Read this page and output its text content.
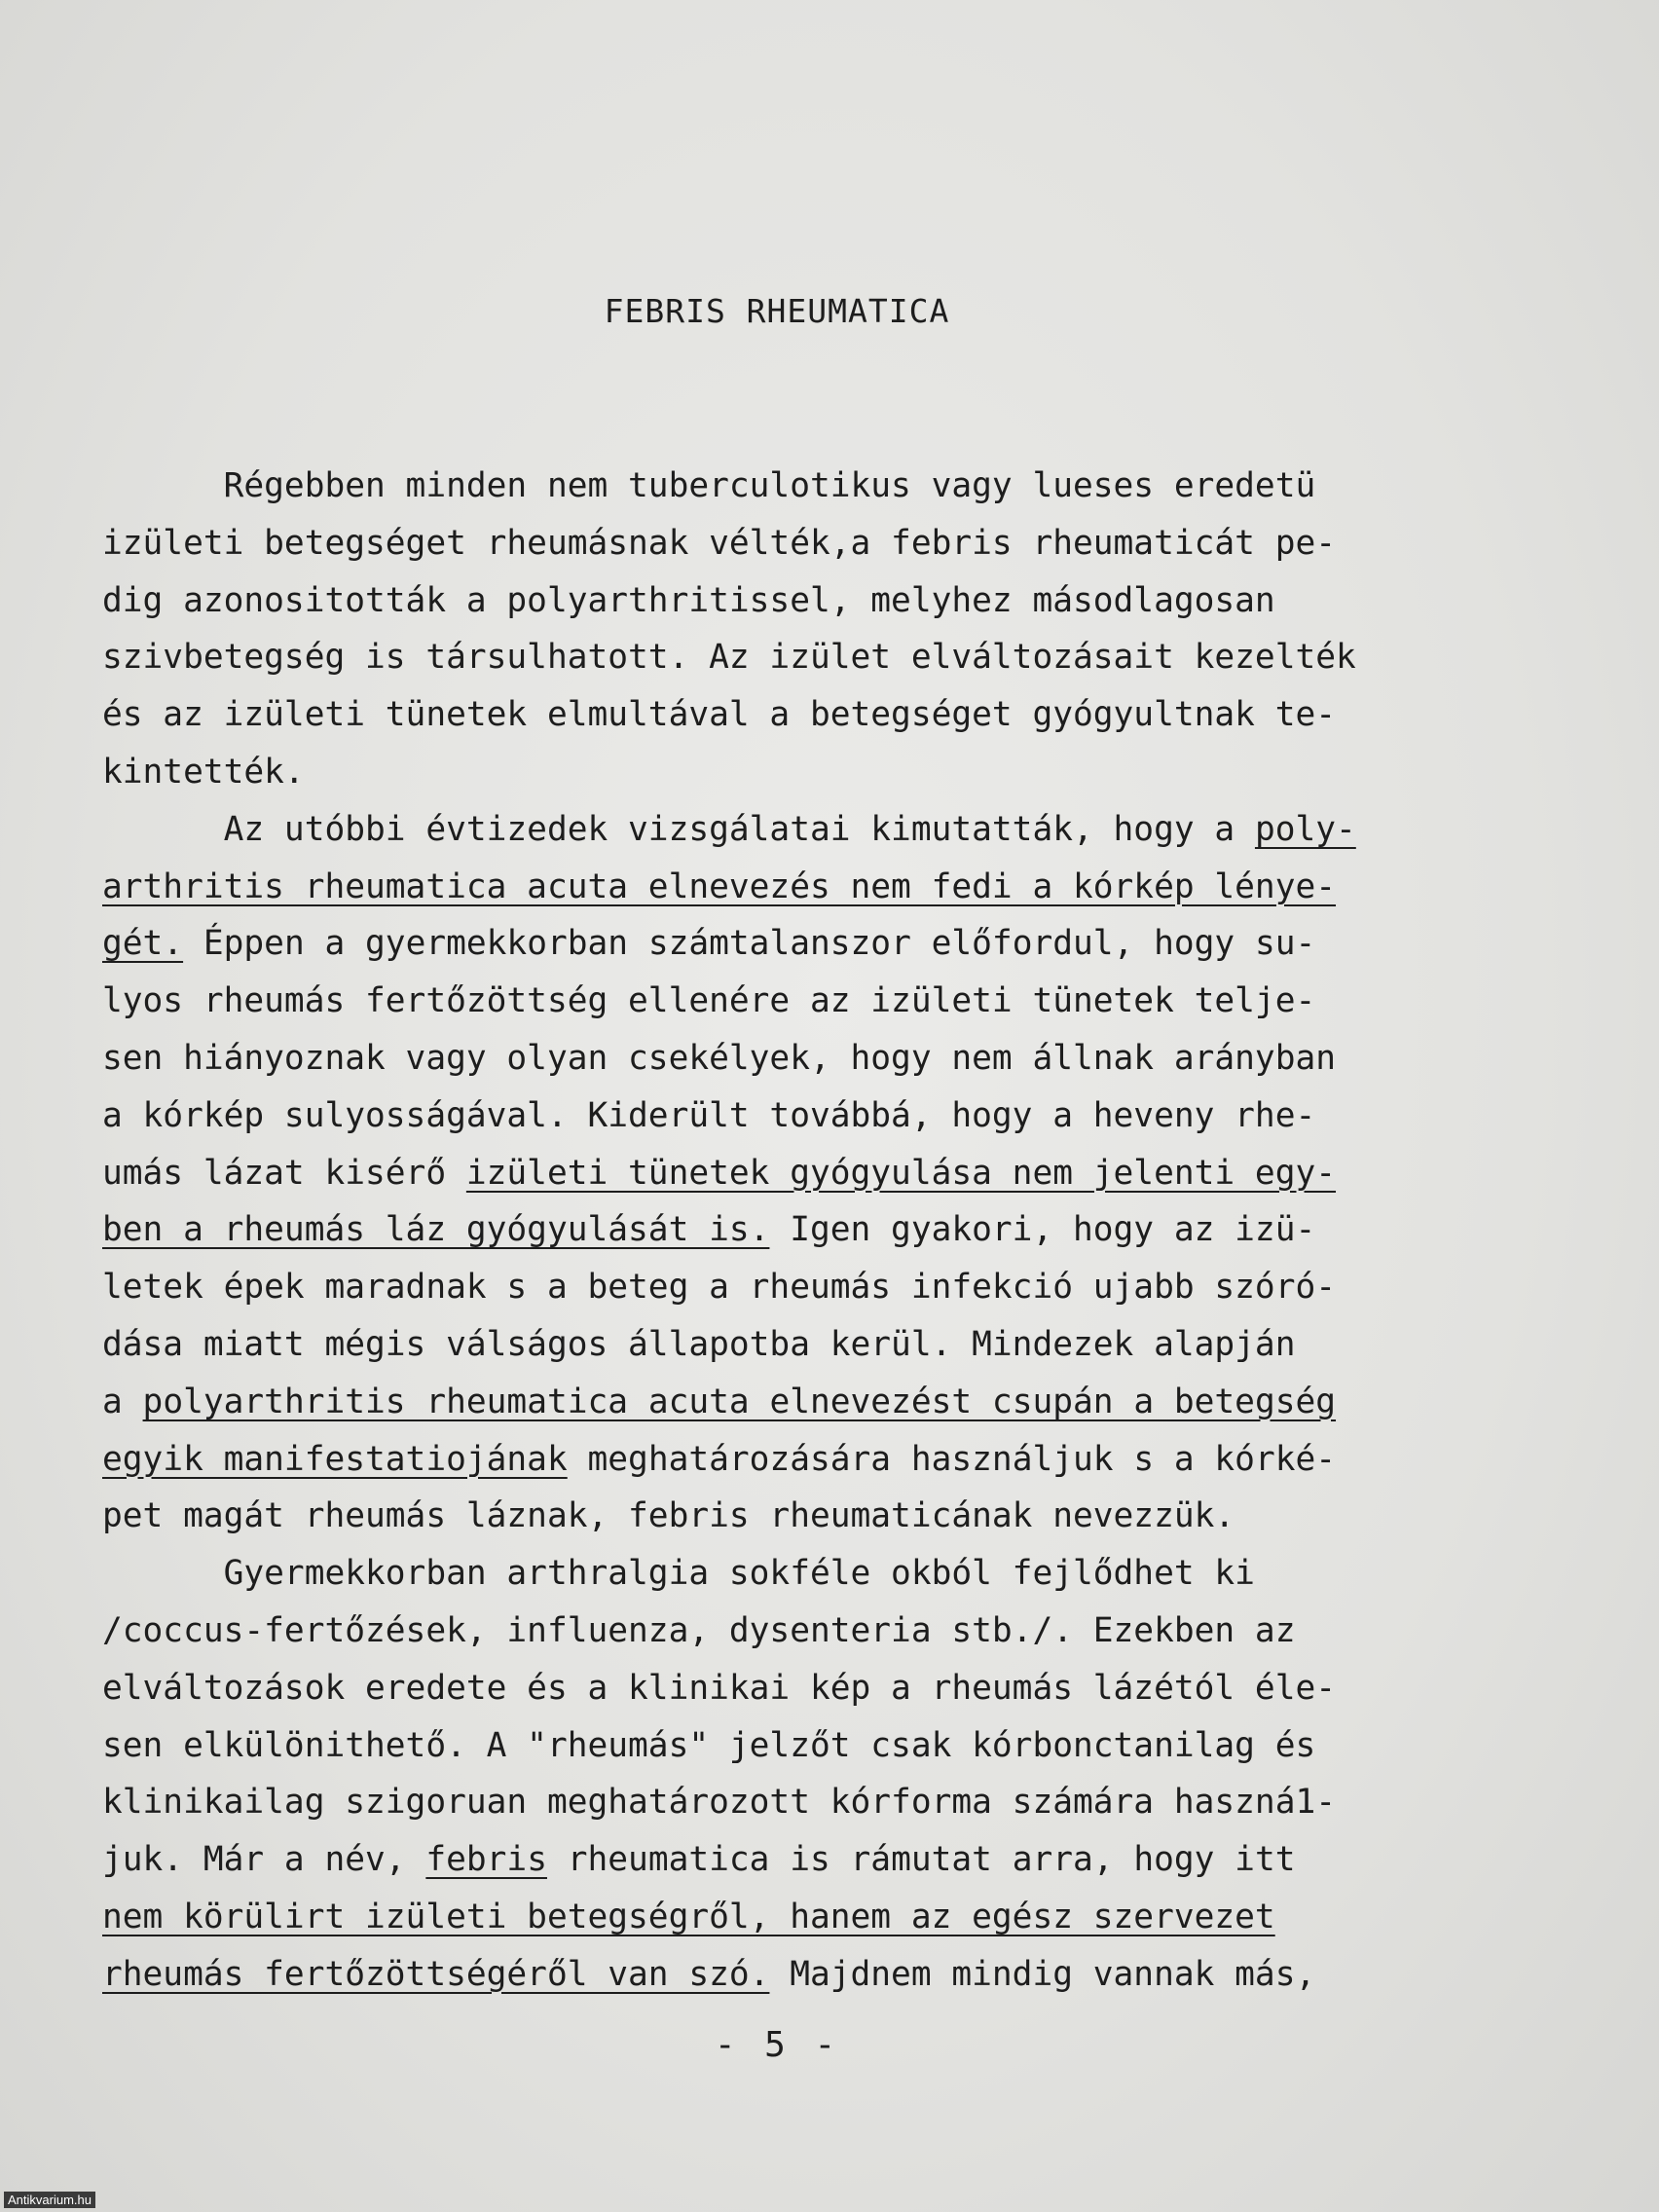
FEBRIS RHEUMATICA
Régebben minden nem tuberculotikus vagy lueses eredetü
izületi betegséget rheumásnak vélték,a febris rheumaticát pe-
dig azonositották a polyarthritissel, melyhez másodlagosan
szivbetegség is társulhatott. Az izület elváltozásait kezelték
és az izületi tünetek elmultával a betegséget gyógyultnak te-
kintették.
Az utóbbi évtizedek vizsgálatai kimutatták, hogy a poly-
arthritis rheumatica acuta elnevezés nem fedi a kórkép lénye-
gét. Éppen a gyermekkorban számtalanszor előfordul, hogy su-
lyos rheumás fertőzöttség ellenére az izületi tünetek telje-
sen hiányoznak vagy olyan csekélyek, hogy nem állnak arányban
a kórkép sulyosságával. Kiderült továbbá, hogy a heveny rhe-
umás lázat kisérő izületi tünetek gyógyulása nem jelenti egy-
ben a rheumás láz gyógyulását is. Igen gyakori, hogy az izü-
letek épek maradnak s a beteg a rheumás infekció ujabb szóró-
dása miatt mégis válságos állapotba kerül. Mindezek alapján
a polyarthritis rheumatica acuta elnevezést csupán a betegség
egyik manifestatiojának meghatározására használjuk s a kórké-
pet magát rheumás láznak, febris rheumaticának nevezzük.
Gyermekkorban arthralgia sokféle okból fejlődhet ki
/coccus-fertőzések, influenza, dysenteria stb./. Ezekben az
elváltozások eredete és a klinikai kép a rheumás lázétól éle-
sen elkülönithető. A "rheumás" jelzőt csak kórbonctanilag és
klinikailag szigoruan meghatározott kórforma számára haszná1-
juk. Már a név, febris rheumatica is rámutat arra, hogy itt
nem körülirt izületi betegségről, hanem az egész szervezet
rheumás fertőzöttségéről van szó. Majdnem mindig vannak más,
- 5 -
Antikvarium.hu
